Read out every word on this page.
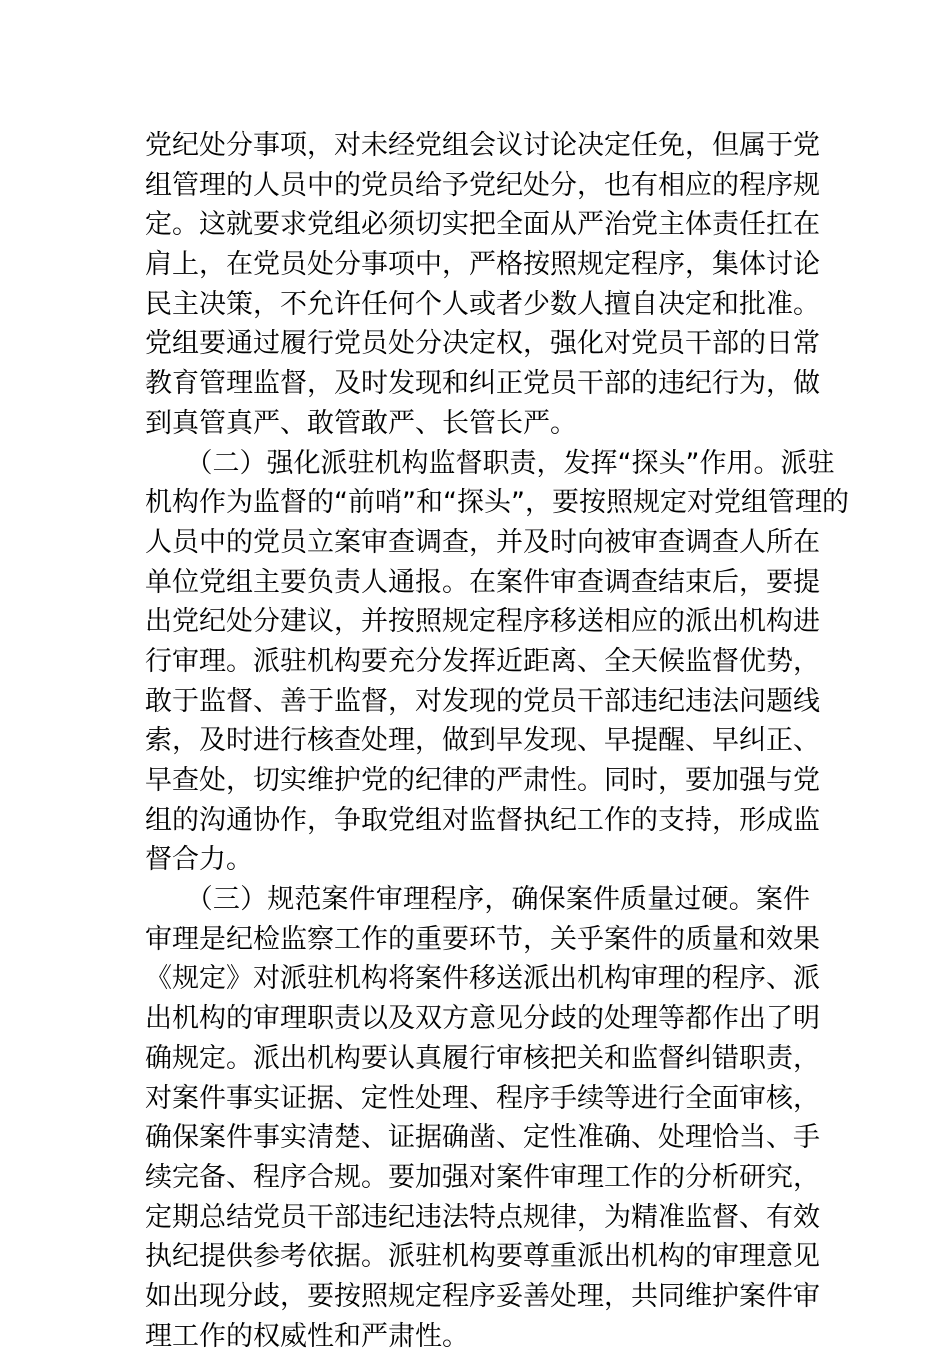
党纪处分事项，对未经党组会议讨论决定任免，但属于党
组管理的人员中的党员给予党纪处分，也有相应的程序规
定。这就要求党组必须切实把全面从严治党主体责任扛在
肩上，在党员处分事项中，严格按照规定程序，集体讨论
民主决策，不允许任何个人或者少数人擅自决定和批准。
党组要通过履行党员处分决定权，强化对党员干部的日常
教育管理监督，及时发现和纠正党员干部的违纪行为，做
到真管真严、敢管敢严、长管长严。
　　（二）强化派驻机构监督职责，发挥“探头”作用。派驻
机构作为监督的“前哨”和“探头”，要按照规定对党组管理的
人员中的党员立案审查调查，并及时向被审查调查人所在
单位党组主要负责人通报。在案件审查调查结束后，要提
出党纪处分建议，并按照规定程序移送相应的派出机构进
行审理。派驻机构要充分发挥近距离、全天候监督优势，
敢于监督、善于监督，对发现的党员干部违纪违法问题线
索，及时进行核查处理，做到早发现、早提醒、早纠正、
早查处，切实维护党的纪律的严肃性。同时，要加强与党
组的沟通协作，争取党组对监督执纪工作的支持，形成监
督合力。
　　（三）规范案件审理程序，确保案件质量过硬。案件
审理是纪检监察工作的重要环节，关乎案件的质量和效果
《规定》对派驻机构将案件移送派出机构审理的程序、派
出机构的审理职责以及双方意见分歧的处理等都作出了明
确规定。派出机构要认真履行审核把关和监督纠错职责，
对案件事实证据、定性处理、程序手续等进行全面审核，
确保案件事实清楚、证据确凿、定性准确、处理恰当、手
续完备、程序合规。要加强对案件审理工作的分析研究，
定期总结党员干部违纪违法特点规律，为精准监督、有效
执纪提供参考依据。派驻机构要尊重派出机构的审理意见
如出现分歧，要按照规定程序妥善处理，共同维护案件审
理工作的权威性和严肃性。
